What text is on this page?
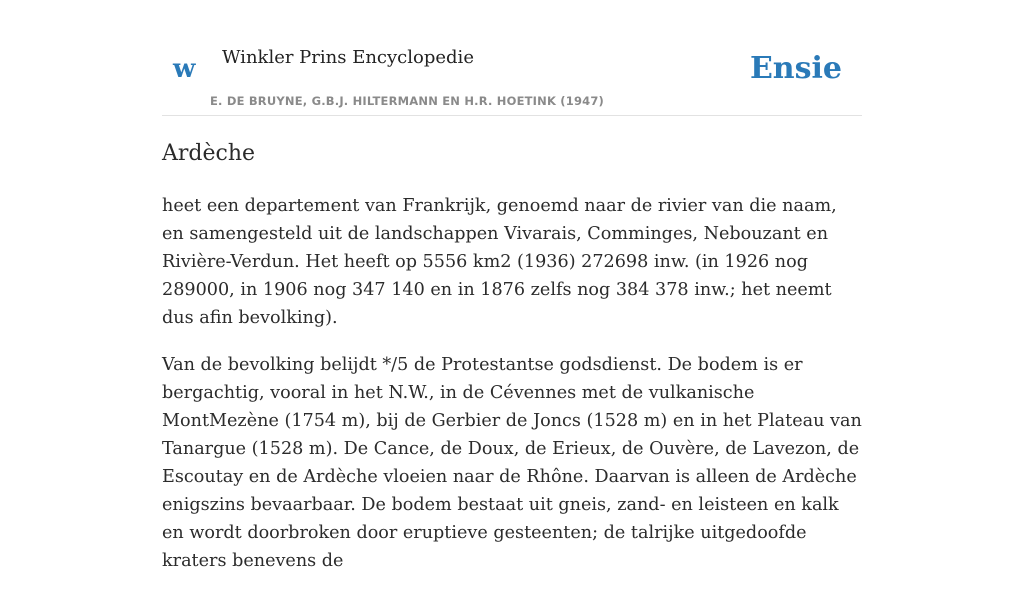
w Winkler Prins Encyclopedie
E. DE BRUYNE, G.B.J. HILTERMANN EN H.R. HOETINK (1947)
Ensie
Ardèche

heet een departement van Frankrijk, genoemd naar de rivier van die naam, en samengesteld uit de landschappen Vivarais, Comminges, Nebouzant en Rivière-Verdun. Het heeft op 5556 km2 (1936) 272698 inw. (in 1926 nog 289000, in 1906 nog 347 140 en in 1876 zelfs nog 384 378 inw.; het neemt dus afin bevolking).

Van de bevolking belijdt */5 de Protestantse godsdienst. De bodem is er bergachtig, vooral in het N.W., in de Cévennes met de vulkanische MontMezène (1754 m), bij de Gerbier de Joncs (1528 m) en in het Plateau van Tanargue (1528 m). De Cance, de Doux, de Erieux, de Ouvère, de Lavezon, de Escoutay en de Ardèche vloeien naar de Rhône. Daarvan is alleen de Ardèche enigszins bevaarbaar. De bodem bestaat uit gneis, zand- en leisteen en kalk en wordt doorbroken door eruptieve gesteenten; de talrijke uitgedoofde kraters benevens de
